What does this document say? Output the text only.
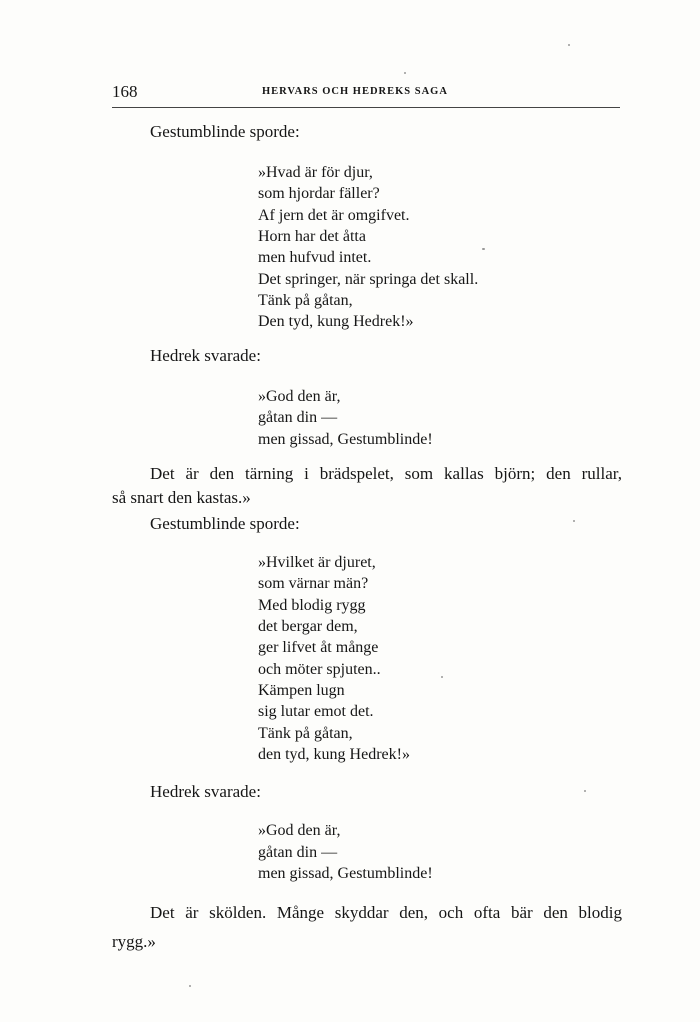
168	HERVARS OCH HEDREKS SAGA
Gestumblinde sporde:
»Hvad är för djur,
som hjordar fäller?
Af jern det är omgifvet.
Horn har det åtta
men hufvud intet.
Det springer, när springa det skall.
Tänk på gåtan,
Den tyd, kung Hedrek!»
Hedrek svarade:
»God den är,
gåtan din —
men gissad, Gestumblinde!
Det är den tärning i brädspelet, som kallas björn; den rullar,
så snart den kastas.»
Gestumblinde sporde:
»Hvilket är djuret,
som värnar män?
Med blodig rygg
det bergar dem,
ger lifvet åt månge
och möter spjuten..
Kämpen lugn
sig lutar emot det.
Tänk på gåtan,
den tyd, kung Hedrek!»
Hedrek svarade:
»God den är,
gåtan din —
men gissad, Gestumblinde!
Det är skölden. Månge skyddar den, och ofta bär den blodig
rygg.»
